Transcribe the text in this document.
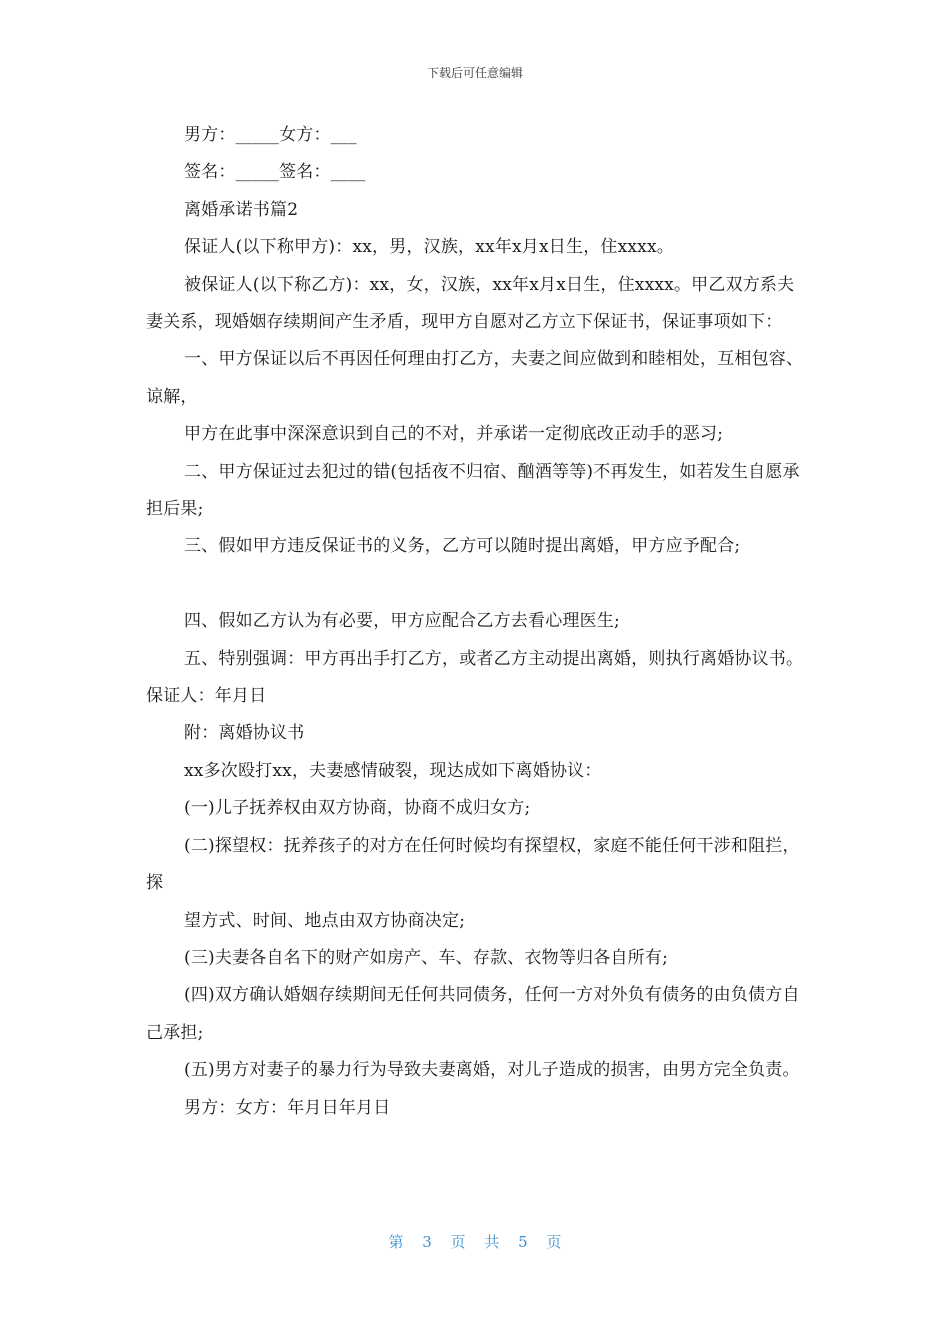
下载后可任意编辑

男方：_____女方：___

签名：_____签名：____

离婚承诺书篇2

保证人(以下称甲方)：xx，男，汉族，xx年x月x日生，住xxxx。

被保证人(以下称乙方)：xx，女，汉族，xx年x月x日生，住xxxx。甲乙双方系夫妻关系，现婚姻存续期间产生矛盾，现甲方自愿对乙方立下保证书，保证事项如下：

一、甲方保证以后不再因任何理由打乙方，夫妻之间应做到和睦相处，互相包容、谅解，

甲方在此事中深深意识到自己的不对，并承诺一定彻底改正动手的恶习;

二、甲方保证过去犯过的错(包括夜不归宿、酗酒等等)不再发生，如若发生自愿承担后果;

三、假如甲方违反保证书的义务，乙方可以随时提出离婚，甲方应予配合;

四、假如乙方认为有必要，甲方应配合乙方去看心理医生;

五、特别强调：甲方再出手打乙方，或者乙方主动提出离婚，则执行离婚协议书。保证人：年月日

附：离婚协议书

xx多次殴打xx，夫妻感情破裂，现达成如下离婚协议：

(一)儿子抚养权由双方协商，协商不成归女方;

(二)探望权：抚养孩子的对方在任何时候均有探望权，家庭不能任何干涉和阻拦，探

望方式、时间、地点由双方协商决定;

(三)夫妻各自名下的财产如房产、车、存款、衣物等归各自所有;

(四)双方确认婚姻存续期间无任何共同债务，任何一方对外负有债务的由负债方自己承担;

(五)男方对妻子的暴力行为导致夫妻离婚，对儿子造成的损害，由男方完全负责。

男方：女方：年月日年月日

第 3 页 共 5 页
